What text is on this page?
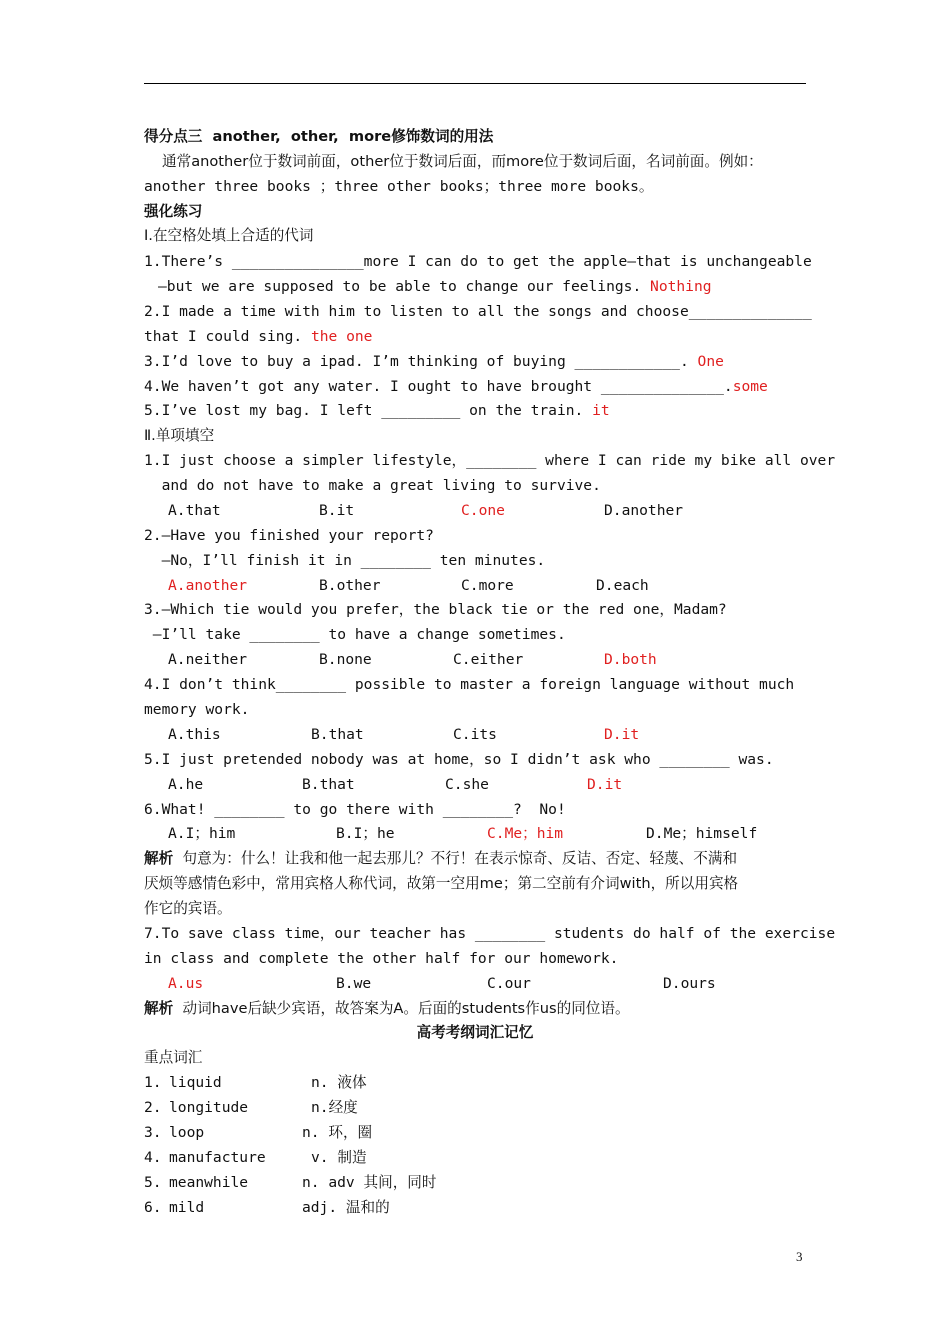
得分点三  another,  other,  more修饰数词的用法
通常another位于数词前面，other位于数词后面，而more位于数词后面，名词前面。例如：
another three books ；three other books；three more books。
强化练习
Ⅰ.在空格处填上合适的代词
1.There’s _______________more I can do to get the apple—that is unchangeable
—but we are supposed to be able to change our feelings. Nothing
2.I made a time with him to listen to all the songs and choose______________
that I could sing. the one
3.I’d love to buy a ipad. I’m thinking of buying ____________. One
4.We haven’t got any water. I ought to have brought ______________.some
5.I’ve lost my bag. I left _________ on the train. it
Ⅱ.单项填空
1.I just choose a simpler lifestyle，________ where I can ride my bike all over
and do not have to make a great living to survive.
A.that	B.it	C.one	D.another
2.—Have you finished your report?
—No，I’ll finish it in ________ ten minutes.
A.another	B.other	C.more	D.each
3.—Which tie would you prefer，the black tie or the red one，Madam?
—I’ll take ________ to have a change sometimes.
A.neither	B.none	C.either	D.both
4.I don’t think________ possible to master a foreign language without much
memory work.
A.this	B.that	C.its	D.it
5.I just pretended nobody was at home，so I didn’t ask who ________ was.
A.he	B.that	C.she	D.it
6.What! ________ to go there with ________?  No!
A.I；him	B.I；he	C.Me；him	D.Me；himself
解析  句意为：什么！让我和他一起去那儿？不行！在表示惊奇、反诘、否定、轻蔑、不满和
厌烦等感情色彩中，常用宾格人称代词，故第一空用me；第二空前有介词with，所以用宾格
作它的宾语。
7.To save class time，our teacher has ________ students do half of the exercise
in class and complete the other half for our homework.
A.us	B.we	C.our	D.ours
解析  动词have后缺少宾语，故答案为A。后面的students作us的同位语。
高考考纲词汇记忆
重点词汇
1. liquid	n. 液体
2. longitude	n.经度
3. loop	n. 环，圈
4. manufacture	v. 制造
5. meanwhile	n. adv 其间，同时
6. mild	adj. 温和的
3
